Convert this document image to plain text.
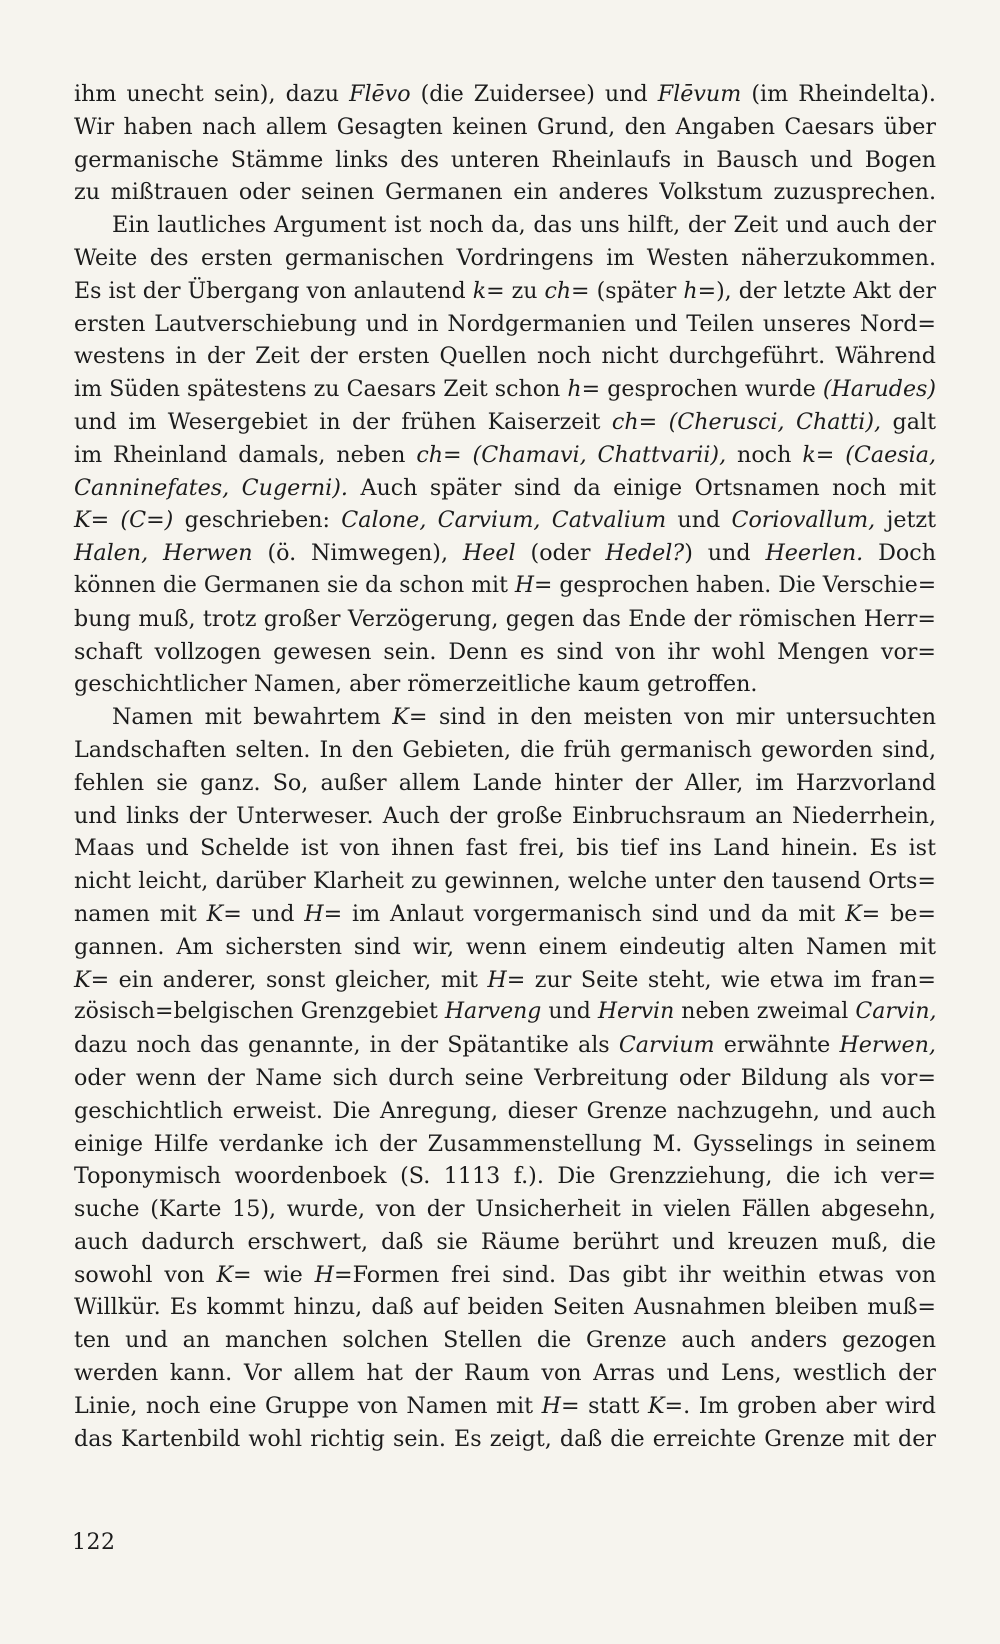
ihm unecht sein), dazu Flēvo (die Zuidersee) und Flēvum (im Rheindelta).
Wir haben nach allem Gesagten keinen Grund, den Angaben Caesars über
germanische Stämme links des unteren Rheinlaufs in Bausch und Bogen
zu mißtrauen oder seinen Germanen ein anderes Volkstum zuzusprechen.
Ein lautliches Argument ist noch da, das uns hilft, der Zeit und auch der
Weite des ersten germanischen Vordringens im Westen näherzukommen.
Es ist der Übergang von anlautend k= zu ch= (später h=), der letzte Akt der
ersten Lautverschiebung und in Nordgermanien und Teilen unseres Nord=
westens in der Zeit der ersten Quellen noch nicht durchgeführt. Während
im Süden spätestens zu Caesars Zeit schon h= gesprochen wurde (Harudes)
und im Wesergebiet in der frühen Kaiserzeit ch= (Cherusci, Chatti), galt
im Rheinland damals, neben ch= (Chamavi, Chattvarii), noch k= (Caesia,
Canninefates, Cugerni). Auch später sind da einige Ortsnamen noch mit
K= (C=) geschrieben: Calone, Carvium, Catvalium und Coriovallum, jetzt
Halen, Herwen (ö. Nimwegen), Heel (oder Hedel?) und Heerlen. Doch
können die Germanen sie da schon mit H= gesprochen haben. Die Verschie=
bung muß, trotz großer Verzögerung, gegen das Ende der römischen Herr=
schaft vollzogen gewesen sein. Denn es sind von ihr wohl Mengen vor=
geschichtlicher Namen, aber römerzeitliche kaum getroffen.
Namen mit bewahrtem K= sind in den meisten von mir untersuchten
Landschaften selten. In den Gebieten, die früh germanisch geworden sind,
fehlen sie ganz. So, außer allem Lande hinter der Aller, im Harzvorland
und links der Unterweser. Auch der große Einbruchsraum an Niederrhein,
Maas und Schelde ist von ihnen fast frei, bis tief ins Land hinein. Es ist
nicht leicht, darüber Klarheit zu gewinnen, welche unter den tausend Orts=
namen mit K= und H= im Anlaut vorgermanisch sind und da mit K= be=
gannen. Am sichersten sind wir, wenn einem eindeutig alten Namen mit
K= ein anderer, sonst gleicher, mit H= zur Seite steht, wie etwa im fran=
zösisch=belgischen Grenzgebiet Harveng und Hervin neben zweimal Carvin,
dazu noch das genannte, in der Spätantike als Carvium erwähnte Herwen,
oder wenn der Name sich durch seine Verbreitung oder Bildung als vor=
geschichtlich erweist. Die Anregung, dieser Grenze nachzugehn, und auch
einige Hilfe verdanke ich der Zusammenstellung M. Gysselings in seinem
Toponymisch woordenboek (S. 1113 f.). Die Grenzziehung, die ich ver=
suche (Karte 15), wurde, von der Unsicherheit in vielen Fällen abgesehn,
auch dadurch erschwert, daß sie Räume berührt und kreuzen muß, die
sowohl von K= wie H=Formen frei sind. Das gibt ihr weithin etwas von
Willkür. Es kommt hinzu, daß auf beiden Seiten Ausnahmen bleiben muß=
ten und an manchen solchen Stellen die Grenze auch anders gezogen
werden kann. Vor allem hat der Raum von Arras und Lens, westlich der
Linie, noch eine Gruppe von Namen mit H= statt K=. Im groben aber wird
das Kartenbild wohl richtig sein. Es zeigt, daß die erreichte Grenze mit der
122
